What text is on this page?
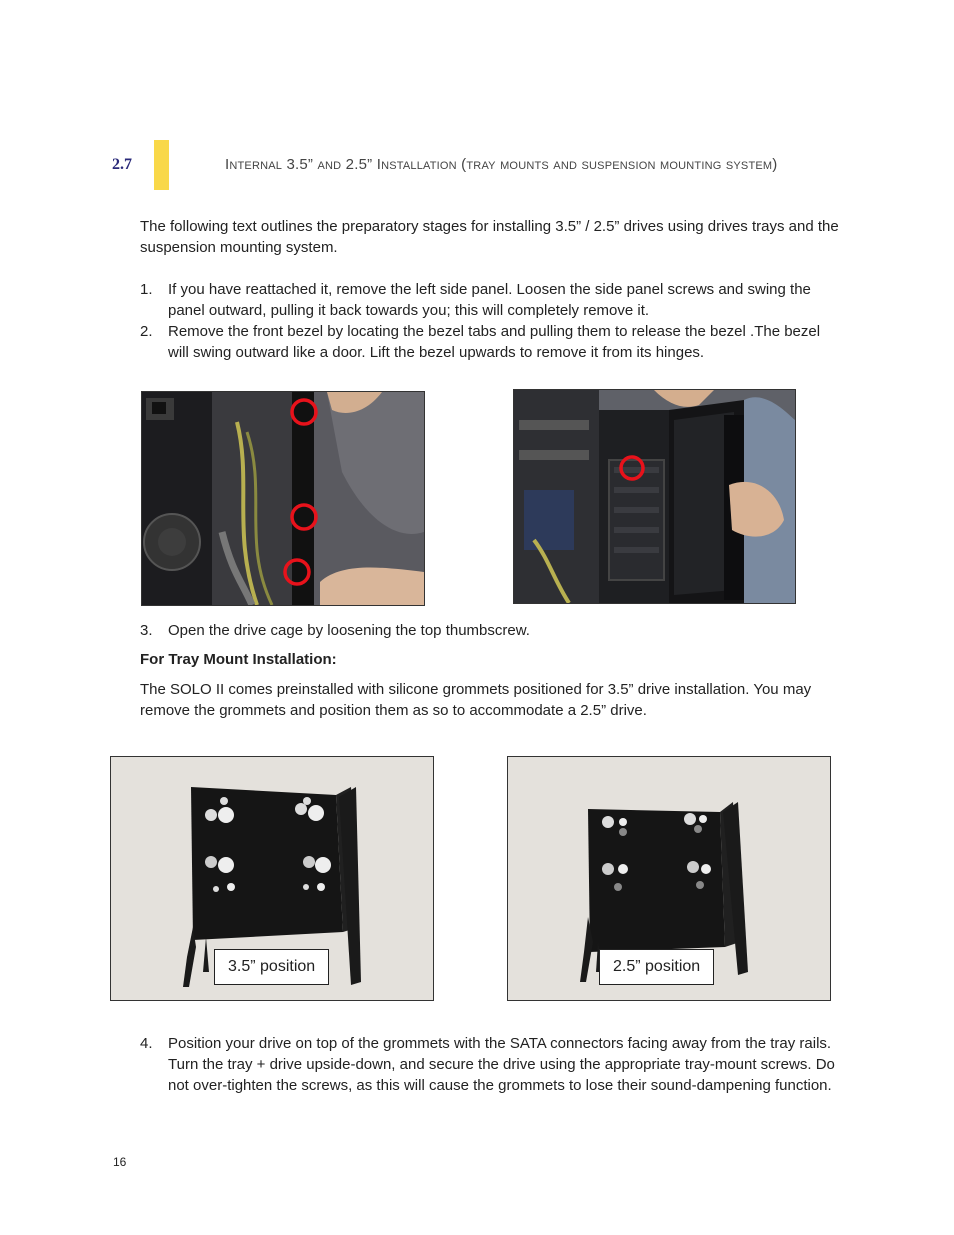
2.7	Internal 3.5” and 2.5” Installation (tray mounts and suspension mounting system)
The following text outlines the preparatory stages for installing 3.5” / 2.5” drives using drives trays and the suspension mounting system.
1. If you have reattached it, remove the left side panel. Loosen the side panel screws and swing the panel outward, pulling it back towards you; this will completely remove it.
2. Remove the front bezel by locating the bezel tabs and pulling them to release the bezel .The bezel will swing outward like a door. Lift the bezel upwards to remove it from its hinges.
3. Open the drive cage by loosening the top thumbscrew.
For Tray Mount Installation:
The SOLO II comes preinstalled with silicone grommets positioned for 3.5” drive installation. You may remove the grommets and position them as so to accommodate a 2.5” drive.
3.5” position	2.5” position
4. Position your drive on top of the grommets with the SATA connectors facing away from the tray rails. Turn the tray + drive upside-down, and secure the drive using the appropriate tray-mount screws. Do not over-tighten the screws, as this will cause the grommets to lose their sound-dampening function.
16
